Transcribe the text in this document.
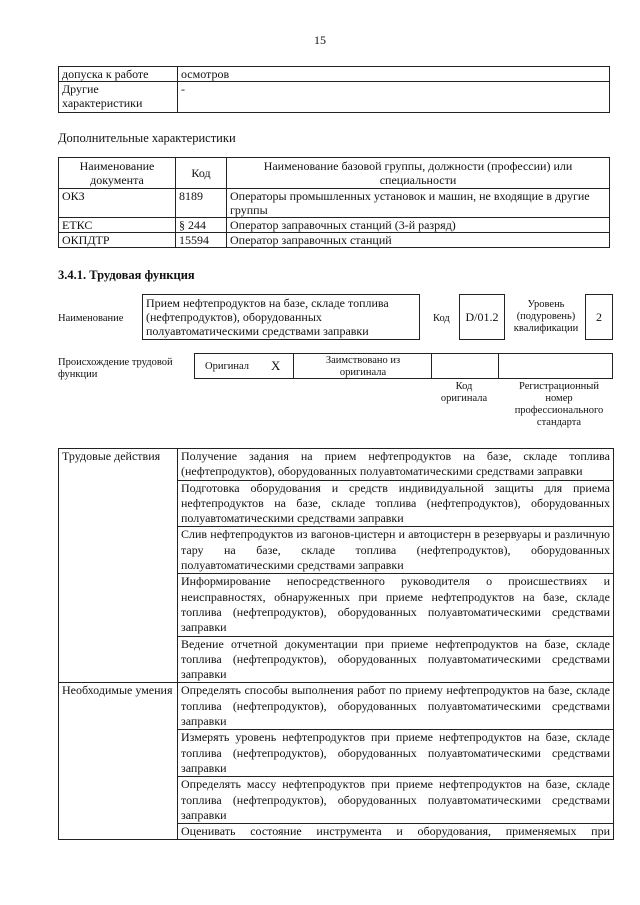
15
допуска к работе	осмотров
Другие характеристики	-
Дополнительные характеристики
Наименование документа	Код	Наименование базовой группы, должности (профессии) или специальности
ОКЗ	8189	Операторы промышленных установок и машин, не входящие в другие группы
ЕТКС	§ 244	Оператор заправочных станций (3-й разряд)
ОКПДТР	15594	Оператор заправочных станций
3.4.1. Трудовая функция
Наименование
Прием нефтепродуктов на базе, складе топлива (нефтепродуктов), оборудованных полуавтоматическими средствами заправки
Код	D/01.2
Уровень (подуровень) квалификации
2
Происхождение трудовой функции
Оригинал X	Заимствовано из оригинала
Код оригинала
Регистрационный номер профессионального стандарта
Трудовые действия	Получение задания на прием нефтепродуктов на базе, складе топлива (нефтепродуктов), оборудованных полуавтоматическими средствами заправки
	Подготовка оборудования и средств индивидуальной защиты для приема нефтепродуктов на базе, складе топлива (нефтепродуктов), оборудованных полуавтоматическими средствами заправки
	Слив нефтепродуктов из вагонов-цистерн и автоцистерн в резервуары и различную тару на базе, складе топлива (нефтепродуктов), оборудованных полуавтоматическими средствами заправки
	Информирование непосредственного руководителя о происшествиях и неисправностях, обнаруженных при приеме нефтепродуктов на базе, складе топлива (нефтепродуктов), оборудованных полуавтоматическими средствами заправки
	Ведение отчетной документации при приеме нефтепродуктов на базе, складе топлива (нефтепродуктов), оборудованных полуавтоматическими средствами заправки
Необходимые умения	Определять способы выполнения работ по приему нефтепродуктов на базе, складе топлива (нефтепродуктов), оборудованных полуавтоматическими средствами заправки
	Измерять уровень нефтепродуктов при приеме нефтепродуктов на базе, складе топлива (нефтепродуктов), оборудованных полуавтоматическими средствами заправки
	Определять массу нефтепродуктов при приеме нефтепродуктов на базе, складе топлива (нефтепродуктов), оборудованных полуавтоматическими средствами заправки
	Оценивать состояние инструмента и оборудования, применяемых при
